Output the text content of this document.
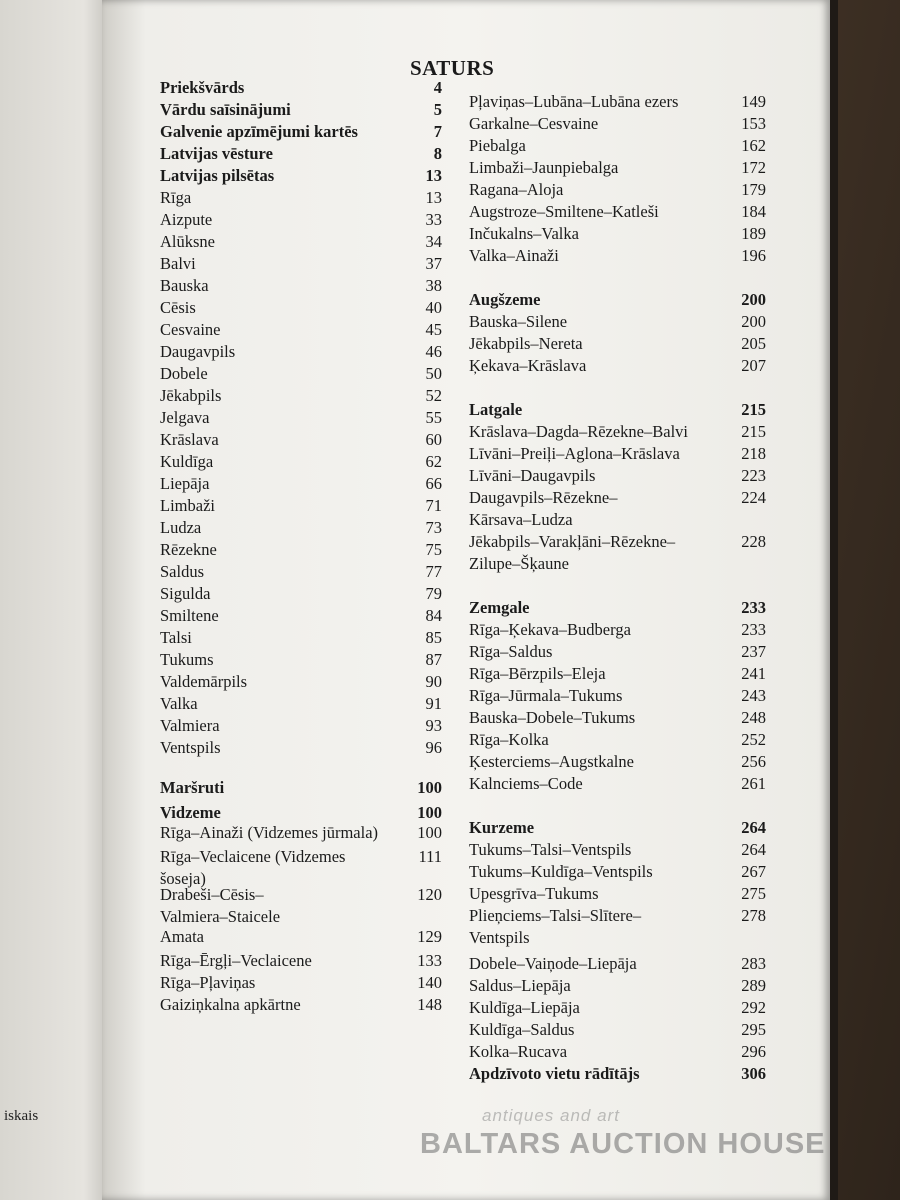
iskais
SATURS
Priekšvārds	4
Vārdu saīsinājumi	5
Galvenie apzīmējumi kartēs	7
Latvijas vēsture	8
Latvijas pilsētas	13
Rīga	13
Aizpute	33
Alūksne	34
Balvi	37
Bauska	38
Cēsis	40
Cesvaine	45
Daugavpils	46
Dobele	50
Jēkabpils	52
Jelgava	55
Krāslava	60
Kuldīga	62
Liepāja	66
Limbaži	71
Ludza	73
Rēzekne	75
Saldus	77
Sigulda	79
Smiltene	84
Talsi	85
Tukums	87
Valdemārpils	90
Valka	91
Valmiera	93
Ventspils	96
Maršruti	100
Vidzeme	100
Rīga–Ainaži (Vidzemes jūrmala) 100
Rīga–Veclaicene (Vidzemes	111
šoseja)
Drabeši–Cēsis–	120
Valmiera–Staicele
Amata	129
Rīga–Ērgļi–Veclaicene	133
Rīga–Pļaviņas	140
Gaiziņkalna apkārtne	148
Pļaviņas–Lubāna–Lubāna ezers	149
Garkalne–Cesvaine	153
Piebalga	162
Limbaži–Jaunpiebalga	172
Ragana–Aloja	179
Augstroze–Smiltene–Katleši	184
Inčukalns–Valka	189
Valka–Ainaži	196
Augšzeme	200
Bauska–Silene	200
Jēkabpils–Nereta	205
Ķekava–Krāslava	207
Latgale	215
Krāslava–Dagda–Rēzekne–Balvi	215
Līvāni–Preiļi–Aglona–Krāslava	218
Līvāni–Daugavpils	223
Daugavpils–Rēzekne–	224
Kārsava–Ludza
Jēkabpils–Varakļāni–Rēzekne–	228
Zilupe–Šķaune
Zemgale	233
Rīga–Ķekava–Budberga	233
Rīga–Saldus	237
Rīga–Bērzpils–Eleja	241
Rīga–Jūrmala–Tukums	243
Bauska–Dobele–Tukums	248
Rīga–Kolka	252
Ķesterciems–Augstkalne	256
Kalnciems–Code	261
Kurzeme	264
Tukums–Talsi–Ventspils	264
Tukums–Kuldīga–Ventspils	267
Upesgrīva–Tukums	275
Plieņciems–Talsi–Slītere–	278
Ventspils
Dobele–Vaiņode–Liepāja	283
Saldus–Liepāja	289
Kuldīga–Liepāja	292
Kuldīga–Saldus	295
Kolka–Rucava	296
Apdzīvoto vietu rādītājs	306
antiques and art
BALTARS AUCTION HOUSE
